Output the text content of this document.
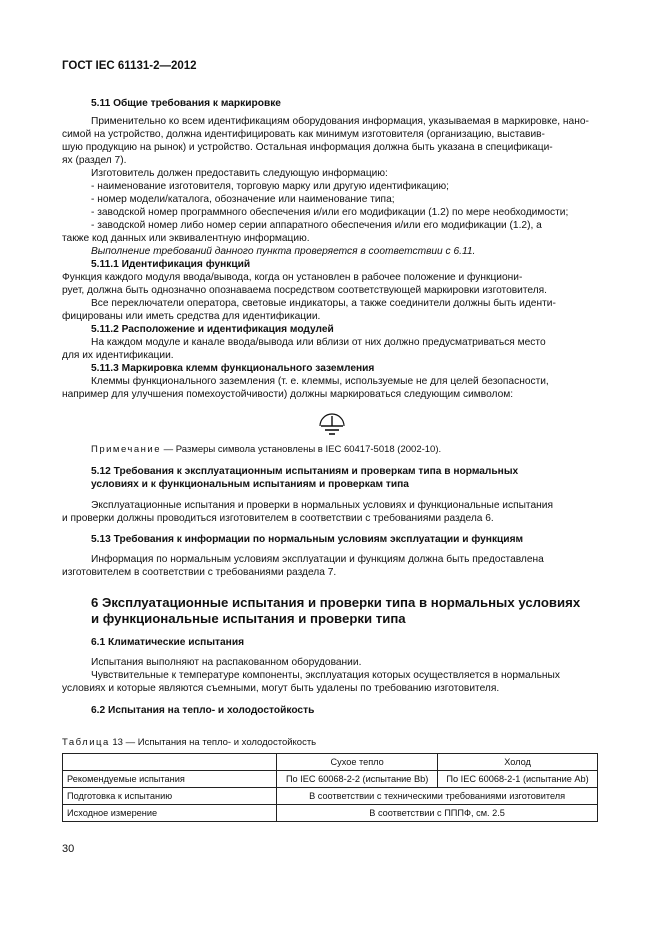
ГОСТ IEC 61131-2—2012
5.11 Общие требования к маркировке
Применительно ко всем идентификациям оборудования информация, указываемая в маркировке, нано-
симой на устройство, должна идентифицировать как минимум изготовителя (организацию, выставив-
шую продукцию на рынок) и устройство. Остальная информация должна быть указана в спецификаци-
ях (раздел 7).
Изготовитель должен предоставить следующую информацию:
- наименование изготовителя, торговую марку или другую идентификацию;
- номер модели/каталога, обозначение или наименование типа;
- заводской номер программного обеспечения и/или его модификации (1.2) по мере необходимости;
- заводской номер либо номер серии аппаратного обеспечения и/или его модификации (1.2), а
также код данных или эквивалентную информацию.
Выполнение требований данного пункта проверяется в соответствии с 6.11.
5.11.1 Идентификация функций
Функция каждого модуля ввода/вывода, когда он установлен в рабочее положение и функциони-
рует, должна быть однозначно опознаваема посредством соответствующей маркировки изготовителя.
Все переключатели оператора, световые индикаторы, а также соединители должны быть иденти-
фицированы или иметь средства для идентификации.
5.11.2 Расположение и идентификация модулей
На каждом модуле и канале ввода/вывода или вблизи от них должно предусматриваться место
для их идентификации.
5.11.3 Маркировка клемм функционального заземления
Клеммы функционального заземления (т. е. клеммы, используемые не для целей безопасности,
например для улучшения помехоустойчивости) должны маркироваться следующим символом:
Примечание — Размеры символа установлены в IEC 60417-5018 (2002-10).
5.12 Требования к эксплуатационным испытаниям и проверкам типа в нормальных
условиях и к функциональным испытаниям и проверкам типа
Эксплуатационные испытания и проверки в нормальных условиях и функциональные испытания
и проверки должны проводиться изготовителем в соответствии с требованиями раздела 6.
5.13 Требования к информации по нормальным условиям эксплуатации и функциям
Информация по нормальным условиям эксплуатации и функциям должна быть предоставлена
изготовителем в соответствии с требованиями раздела 7.
6 Эксплуатационные испытания и проверки типа в нормальных условиях
и функциональные испытания и проверки типа
6.1 Климатические испытания
Испытания выполняют на распакованном оборудовании.
Чувствительные к температуре компоненты, эксплуатация которых осуществляется в нормальных
условиях и которые являются съемными, могут быть удалены по требованию изготовителя.
6.2 Испытания на тепло- и холодостойкость
Таблица 13 — Испытания на тепло- и холодостойкость
	Сухое тепло	Холод
Рекомендуемые испытания	По IEC 60068-2-2 (испытание Bb)	По IEC 60068-2-1 (испытание Ab)
Подготовка к испытанию	В соответствии с техническими требованиями изготовителя	
Исходное измерение	В соответствии с ПППФ, см. 2.5	
30
